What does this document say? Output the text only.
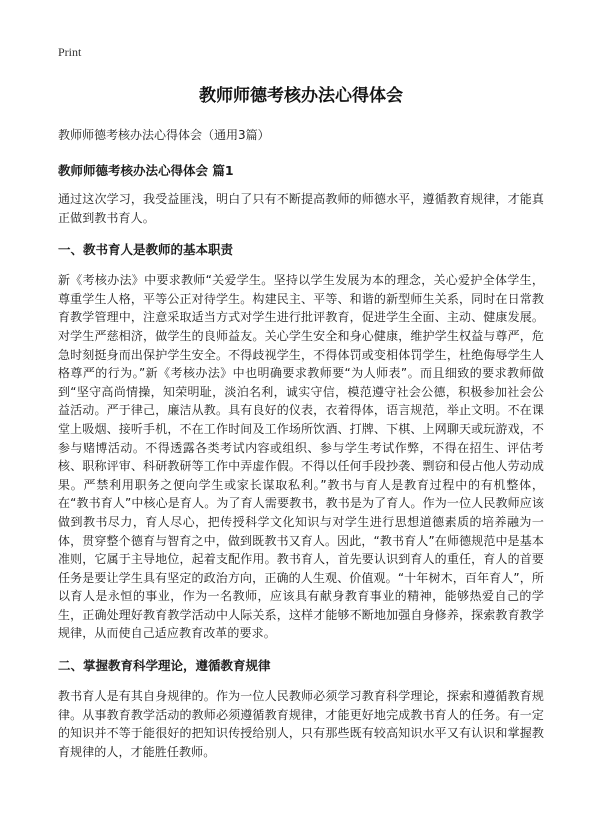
Print
教师师德考核办法心得体会

教师师德考核办法心得体会（通用3篇）

教师师德考核办法心得体会 篇1

通过这次学习，我受益匪浅，明白了只有不断提高教师的师德水平，遵循教育规律，才能真正做到教书育人。

一、教书育人是教师的基本职责

新《考核办法》中要求教师“关爱学生。坚持以学生发展为本的理念，关心爱护全体学生，尊重学生人格，平等公正对待学生。构建民主、平等、和谐的新型师生关系，同时在日常教育教学管理中，注意采取适当方式对学生进行批评教育，促进学生全面、主动、健康发展。对学生严慈相济，做学生的良师益友。关心学生安全和身心健康，维护学生权益与尊严，危急时刻挺身而出保护学生安全。不得歧视学生，不得体罚或变相体罚学生，杜绝侮辱学生人格尊严的行为。”新《考核办法》中也明确要求教师要“为人师表”。而且细致的要求教师做到“坚守高尚情操，知荣明耻，淡泊名利，诚实守信，模范遵守社会公德，积极参加社会公益活动。严于律己，廉洁从教。具有良好的仪表，衣着得体，语言规范，举止文明。不在课堂上吸烟、接听手机，不在工作时间及工作场所饮酒、打牌、下棋、上网聊天或玩游戏，不参与赌博活动。不得透露各类考试内容或组织、参与学生考试作弊，不得在招生、评估考核、职称评审、科研教研等工作中弄虚作假。不得以任何手段抄袭、剽窃和侵占他人劳动成果。严禁利用职务之便向学生或家长谋取私利。”教书与育人是教育过程中的有机整体，在“教书育人”中核心是育人。为了育人需要教书，教书是为了育人。作为一位人民教师应该做到教书尽力，育人尽心，把传授科学文化知识与对学生进行思想道德素质的培养融为一体，贯穿整个德育与智育之中，做到既教书又育人。因此，“教书育人”在师德规范中是基本准则，它属于主导地位，起着支配作用。教书育人，首先要认识到育人的重任，育人的首要任务是要让学生具有坚定的政治方向，正确的人生观、价值观。“十年树木，百年育人”，所以育人是永恒的事业，作为一名教师，应该具有献身教育事业的精神，能够热爱自己的学生，正确处理好教育教学活动中人际关系，这样才能够不断地加强自身修养，探索教育教学规律，从而使自己适应教育改革的要求。

二、掌握教育科学理论，遵循教育规律

教书育人是有其自身规律的。作为一位人民教师必须学习教育科学理论，探索和遵循教育规律。从事教育教学活动的教师必须遵循教育规律，才能更好地完成教书育人的任务。有一定的知识并不等于能很好的把知识传授给别人，只有那些既有较高知识水平又有认识和掌握教育规律的人，才能胜任教师。
